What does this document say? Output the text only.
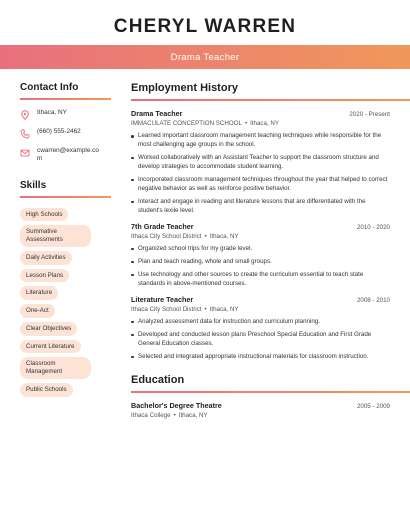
CHERYL WARREN
Drama Teacher
Contact Info
Ithaca, NY
(660) 555-2462
cwarren@example.com
Skills
High Schools
Summative Assessments
Daily Activities
Lesson Plans
Literature
One-Act
Clear Objectives
Current Literature
Classroom Management
Public Schools
Employment History
Drama Teacher	2020 - Present
IMMACULATE CONCEPTION SCHOOL • Ithaca, NY
Learned important classroom management teaching techniques while responsible for the most challenging age groups in the school.
Worked collaboratively with an Assistant Teacher to support the classroom structure and develop strategies to accommodate student learning.
Incorporated classroom management techniques throughout the year that helped to correct negative behavior as well as reinforce positive behavior.
Interact and engage in reading and literature lessons that are differentiated with the student's lexile level.
7th Grade Teacher	2010 - 2020
Ithaca City School District • Ithaca, NY
Organized school trips for my grade level.
Plan and teach reading, whole and small groups.
Use technology and other sources to create the curriculum essential to teach state standards in above-mentioned courses.
Literature Teacher	2008 - 2010
Ithaca City School District • Ithaca, NY
Analyzed assessment data for instruction and curriculum planning.
Developed and conducted lesson plans Preschool Special Education and First Grade General Education classes.
Selected and integrated appropriate instructional materials for classroom instruction.
Education
Bachelor's Degree Theatre	2005 - 2009
Ithaca College • Ithaca, NY
